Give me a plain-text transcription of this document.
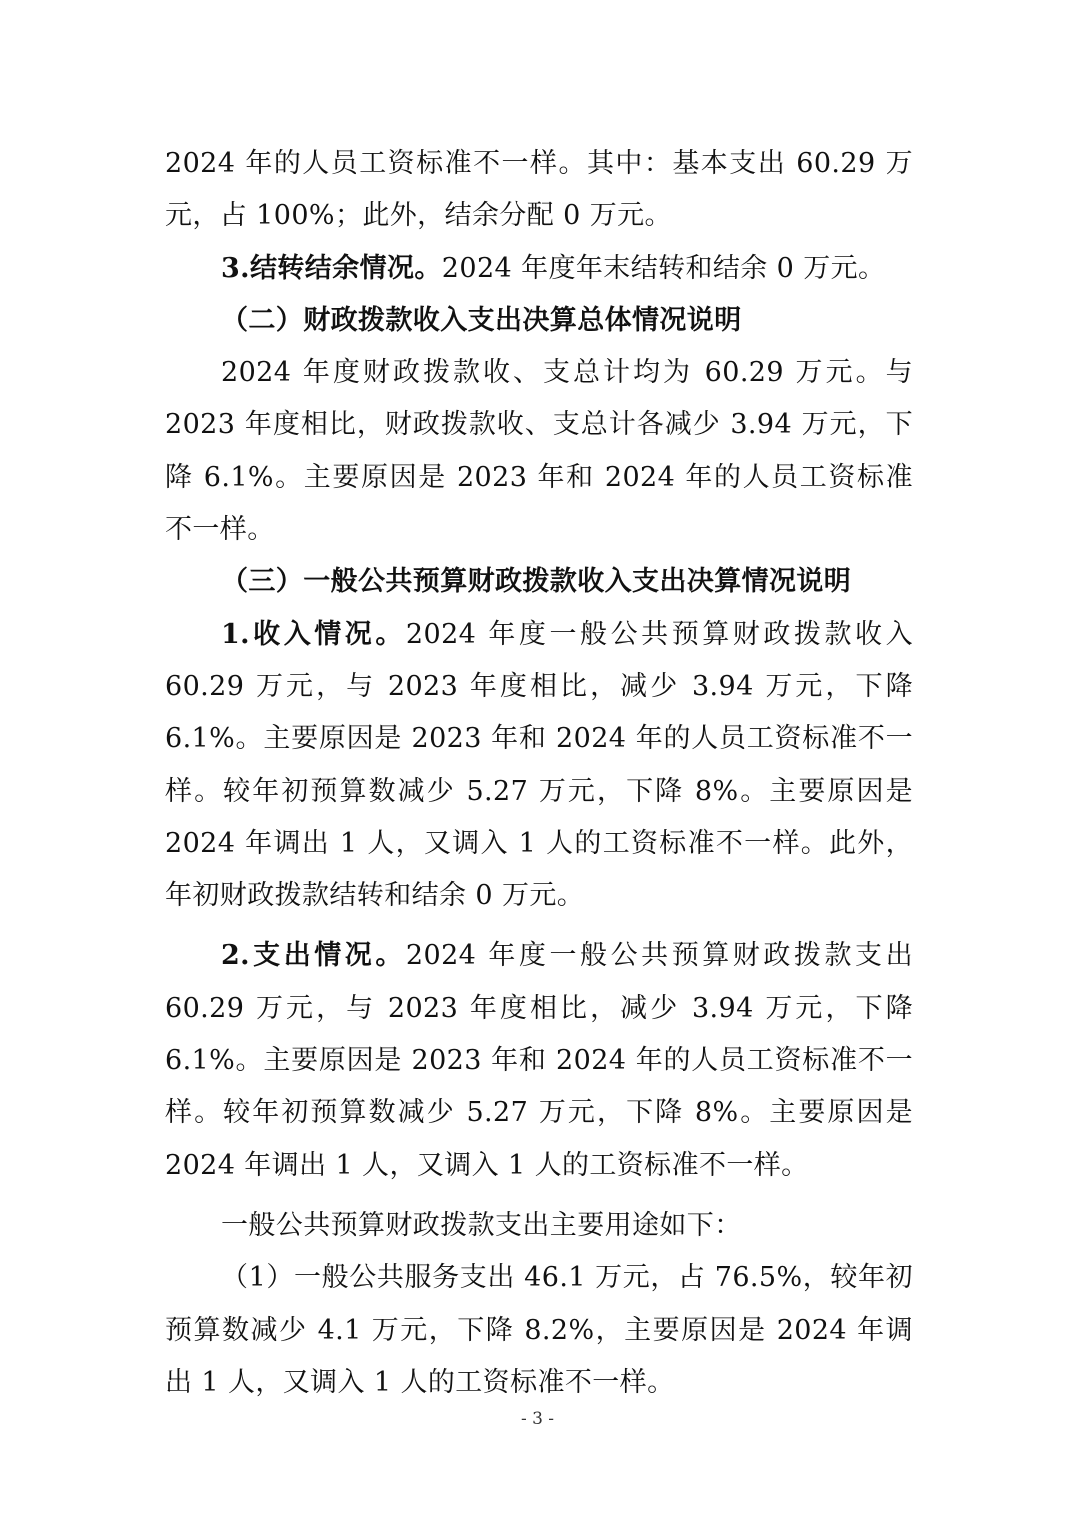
2024 年的人员工资标准不一样。其中：基本支出 60.29 万元，占 100%；此外，结余分配 0 万元。

3.结转结余情况。2024 年度年末结转和结余 0 万元。

（二）财政拨款收入支出决算总体情况说明

2024 年度财政拨款收、支总计均为 60.29 万元。与 2023 年度相比，财政拨款收、支总计各减少 3.94 万元，下降 6.1%。主要原因是 2023 年和 2024 年的人员工资标准不一样。

（三）一般公共预算财政拨款收入支出决算情况说明

1.收入情况。2024 年度一般公共预算财政拨款收入 60.29 万元，与 2023 年度相比，减少 3.94 万元，下降 6.1%。主要原因是 2023 年和 2024 年的人员工资标准不一样。较年初预算数减少 5.27 万元，下降 8%。主要原因是 2024 年调出 1 人，又调入 1 人的工资标准不一样。此外，年初财政拨款结转和结余 0 万元。

2.支出情况。2024 年度一般公共预算财政拨款支出 60.29 万元，与 2023 年度相比，减少 3.94 万元，下降 6.1%。主要原因是 2023 年和 2024 年的人员工资标准不一样。较年初预算数减少 5.27 万元，下降 8%。主要原因是 2024 年调出 1 人，又调入 1 人的工资标准不一样。

一般公共预算财政拨款支出主要用途如下：

（1）一般公共服务支出 46.1 万元，占 76.5%，较年初预算数减少 4.1 万元，下降 8.2%，主要原因是 2024 年调出 1 人，又调入 1 人的工资标准不一样。

- 3 -
